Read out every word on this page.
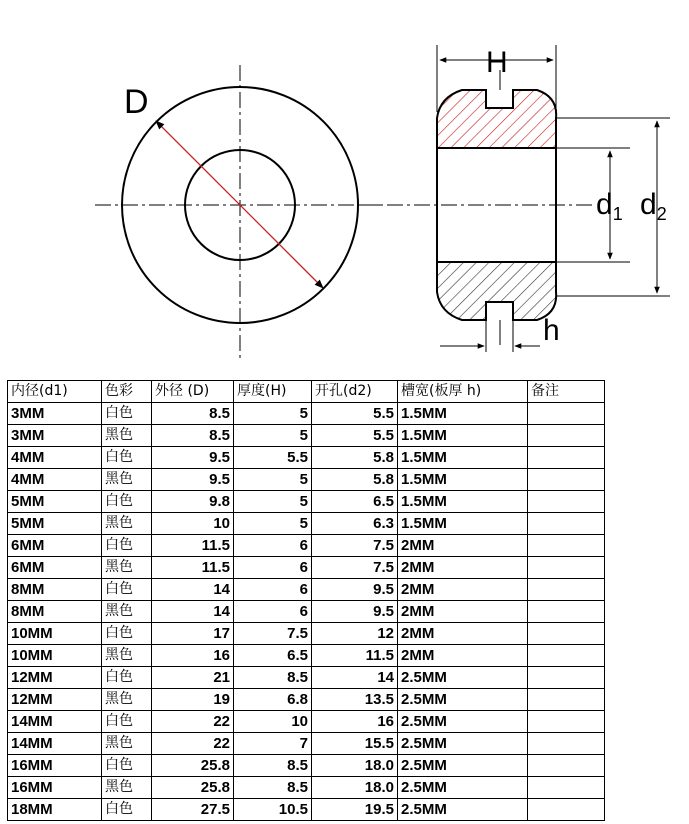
D
H
$d_1$ $d_2$
h
内径(d1)	色彩	外径 (D)	厚度(H)	开孔(d2)	槽宽(板厚 h)	备注
3MM	白色	8.5	5	5.5	1.5MM	
3MM	黑色	8.5	5	5.5	1.5MM	
4MM	白色	9.5	5.5	5.8	1.5MM	
4MM	黑色	9.5	5	5.8	1.5MM	
5MM	白色	9.8	5	6.5	1.5MM	
5MM	黑色	10	5	6.3	1.5MM	
6MM	白色	11.5	6	7.5	2MM	
6MM	黑色	11.5	6	7.5	2MM	
8MM	白色	14	6	9.5	2MM	
8MM	黑色	14	6	9.5	2MM	
10MM	白色	17	7.5	12	2MM	
10MM	黑色	16	6.5	11.5	2MM	
12MM	白色	21	8.5	14	2.5MM	
12MM	黑色	19	6.8	13.5	2.5MM	
14MM	白色	22	10	16	2.5MM	
14MM	黑色	22	7	15.5	2.5MM	
16MM	白色	25.8	8.5	18.0	2.5MM	
16MM	黑色	25.8	8.5	18.0	2.5MM	
18MM	白色	27.5	10.5	19.5	2.5MM	
